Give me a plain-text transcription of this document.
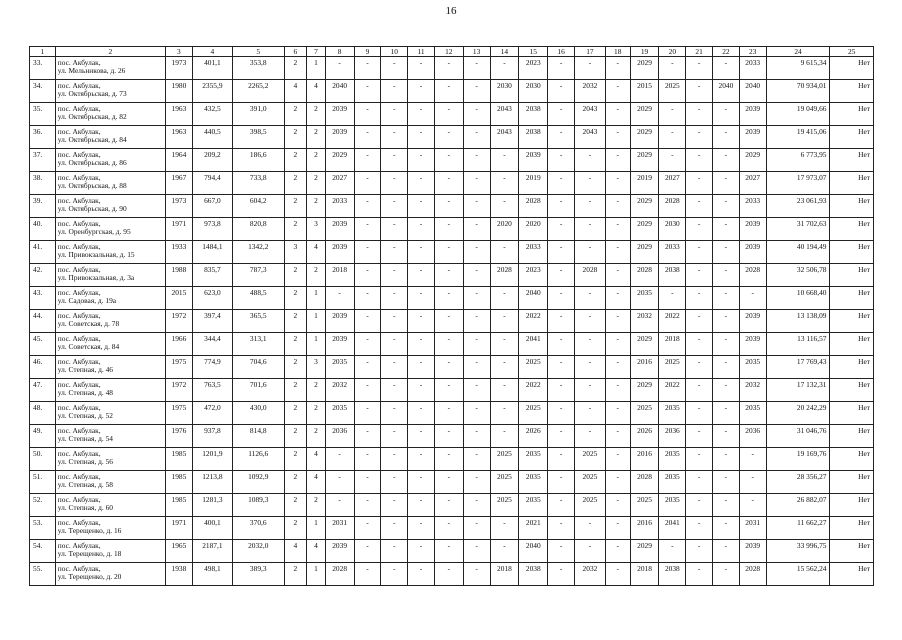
16
1	2	3	4	5	6	7	8	9	10	11	12	13	14	15	16	17	18	19	20	21	22	23	24	25
33.	пос. Акбулак,
ул. Мельникова, д. 26	1973	401,1	353,8	2	1	-	-	-	-	-	-	-	2023	-	-	-	2029	-	-	-	2033	9 615,34	Нет
34.	пос. Акбулак,
ул. Октябрьская, д. 73	1980	2355,9	2265,2	4	4	2040	-	-	-	-	-	2030	2030	-	2032	-	2015	2025	-	2040	2040	70 934,01	Нет
35.	пос. Акбулак,
ул. Октябрьская, д. 82	1963	432,5	391,0	2	2	2039	-	-	-	-	-	2043	2038	-	2043	-	2029	-	-	-	2039	19 049,66	Нет
36.	пос. Акбулак,
ул. Октябрьская, д. 84	1963	440,5	398,5	2	2	2039	-	-	-	-	-	2043	2038	-	2043	-	2029	-	-	-	2039	19 415,06	Нет
37.	пос. Акбулак,
ул. Октябрьская, д. 86	1964	209,2	186,6	2	2	2029	-	-	-	-	-	-	2039	-	-	-	2029	-	-	-	2029	6 773,95	Нет
38.	пос. Акбулак,
ул. Октябрьская, д. 88	1967	794,4	733,8	2	2	2027	-	-	-	-	-	-	2019	-	-	-	2019	2027	-	-	2027	17 973,07	Нет
39.	пос. Акбулак,
ул. Октябрьская, д. 90	1973	667,0	604,2	2	2	2033	-	-	-	-	-	-	2028	-	-	-	2029	2028	-	-	2033	23 061,93	Нет
40.	пос. Акбулак,
ул. Оренбургская, д. 95	1971	973,8	820,8	2	3	2039	-	-	-	-	-	2020	2020	-	-	-	2029	2030	-	-	2039	31 702,63	Нет
41.	пос. Акбулак,
ул. Привокзальная, д. 15	1933	1484,1	1342,2	3	4	2039	-	-	-	-	-	-	2033	-	-	-	2029	2033	-	-	2039	40 194,49	Нет
42.	пос. Акбулак,
ул. Привокзальная, д. 3а	1988	835,7	787,3	2	2	2018	-	-	-	-	-	2028	2023	-	2028	-	2028	2038	-	-	2028	32 506,78	Нет
43.	пос. Акбулак,
ул. Садовая, д. 19а	2015	623,0	488,5	2	1	-	-	-	-	-	-	-	2040	-	-	-	2035	-	-	-	-	10 668,40	Нет
44.	пос. Акбулак,
ул. Советская, д. 78	1972	397,4	365,5	2	1	2039	-	-	-	-	-	-	2022	-	-	-	2032	2022	-	-	2039	13 138,09	Нет
45.	пос. Акбулак,
ул. Советская, д. 84	1966	344,4	313,1	2	1	2039	-	-	-	-	-	-	2041	-	-	-	2029	2018	-	-	2039	13 116,57	Нет
46.	пос. Акбулак,
ул. Степная, д. 46	1975	774,9	704,6	2	3	2035	-	-	-	-	-	-	2025	-	-	-	2016	2025	-	-	2035	17 769,43	Нет
47.	пос. Акбулак,
ул. Степная, д. 48	1972	763,5	701,6	2	2	2032	-	-	-	-	-	-	2022	-	-	-	2029	2022	-	-	2032	17 132,31	Нет
48.	пос. Акбулак,
ул. Степная, д. 52	1975	472,0	430,0	2	2	2035	-	-	-	-	-	-	2025	-	-	-	2025	2035	-	-	2035	20 242,29	Нет
49.	пос. Акбулак,
ул. Степная, д. 54	1976	937,8	814,8	2	2	2036	-	-	-	-	-	-	2026	-	-	-	2026	2036	-	-	2036	31 046,76	Нет
50.	пос. Акбулак,
ул. Степная, д. 56	1985	1201,9	1126,6	2	4	-	-	-	-	-	-	2025	2035	-	2025	-	2016	2035	-	-	-	19 169,76	Нет
51.	пос. Акбулак,
ул. Степная, д. 58	1985	1213,8	1092,9	2	4	-	-	-	-	-	-	2025	2035	-	2025	-	2028	2035	-	-	-	28 356,27	Нет
52.	пос. Акбулак,
ул. Степная, д. 60	1985	1281,3	1089,3	2	2	-	-	-	-	-	-	2025	2035	-	2025	-	2025	2035	-	-	-	26 882,07	Нет
53.	пос. Акбулак,
ул. Терещенко, д. 16	1971	400,1	370,6	2	1	2031	-	-	-	-	-	-	2021	-	-	-	2016	2041	-	-	2031	11 662,27	Нет
54.	пос. Акбулак,
ул. Терещенко, д. 18	1965	2187,1	2032,0	4	4	2039	-	-	-	-	-	-	2040	-	-	-	2029	-	-	-	2039	33 996,75	Нет
55.	пос. Акбулак,
ул. Терещенко, д. 20	1938	498,1	389,3	2	1	2028	-	-	-	-	-	2018	2038	-	2032	-	2018	2038	-	-	2028	15 562,24	Нет
